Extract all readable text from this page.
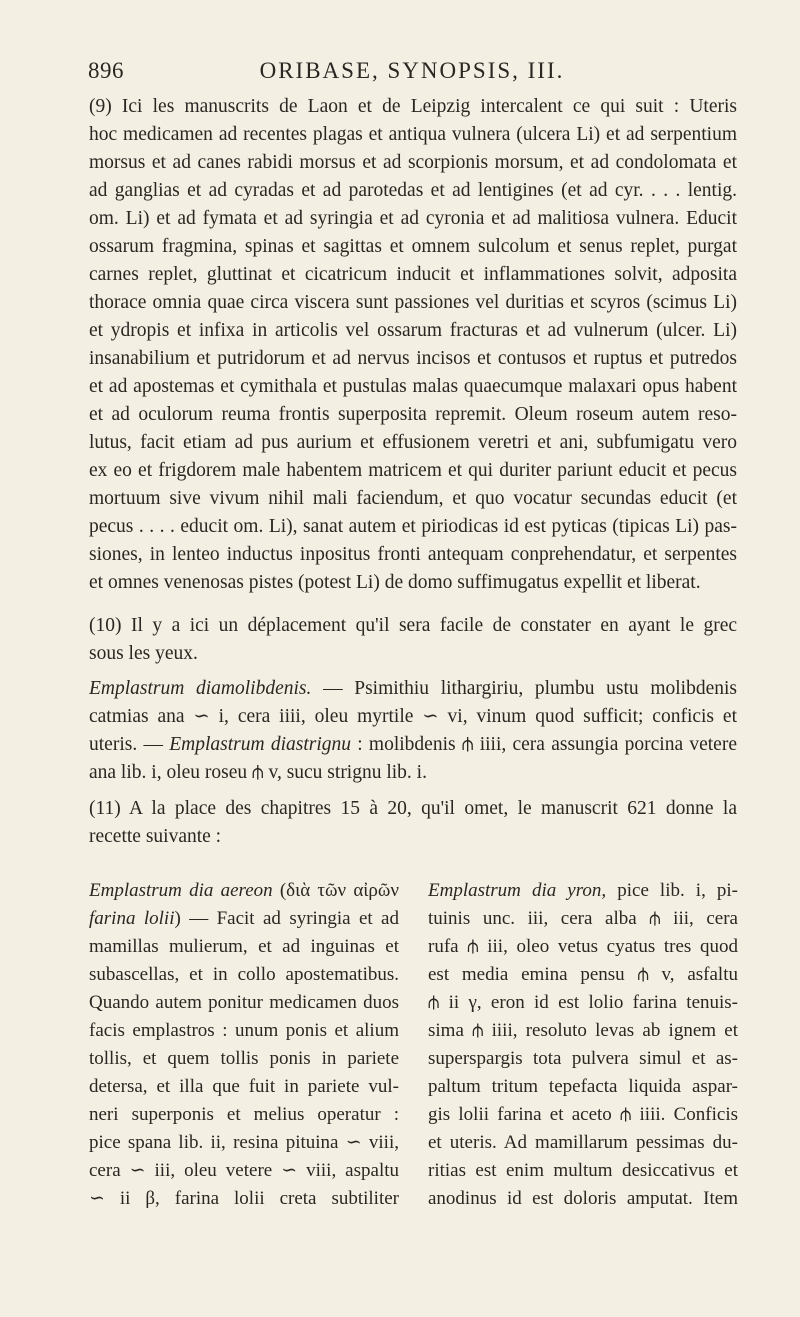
896	ORIBASE, SYNOPSIS, III.
(9) Ici les manuscrits de Laon et de Leipzig intercalent ce qui suit : Uteris
hoc medicamen ad recentes plagas et antiqua vulnera (ulcera Li) et ad serpentium
morsus et ad canes rabidi morsus et ad scorpionis morsum, et ad condolomata et
ad ganglias et ad cyradas et ad parotedas et ad lentigines (et ad cyr. . . . lentig.
om. Li) et ad fymata et ad syringia et ad cyronia et ad malitiosa vulnera. Educit
ossarum fragmina, spinas et sagittas et omnem sulcolum et senus replet, purgat
carnes replet, gluttinat et cicatricum inducit et inflammationes solvit, adposita
thorace omnia quae circa viscera sunt passiones vel duritias et scyros (scimus Li)
et ydropis et infixa in articolis vel ossarum fracturas et ad vulnerum (ulcer. Li)
insanabilium et putridorum et ad nervus incisos et contusos et ruptus et putredos
et ad apostemas et cymithala et pustulas malas quaecumque malaxari opus habent
et ad oculorum reuma frontis superposita repremit. Oleum roseum autem reso-
lutus, facit etiam ad pus aurium et effusionem veretri et ani, subfumigatu vero
ex eo et frigdorem male habentem matricem et qui duriter pariunt educit et pecus
mortuum sive vivum nihil mali faciendum, et quo vocatur secundas educit (et
pecus . . . . educit om. Li), sanat autem et piriodicas id est pyticas (tipicas Li) pas-
siones, in lenteo inductus inpositus fronti antequam conprehendatur, et serpentes
et omnes venenosas pistes (potest Li) de domo suffimugatus expellit et liberat.
(10) Il y a ici un déplacement qu'il sera facile de constater en ayant le grec
sous les yeux.
Emplastrum diamolibdenis. — Psimithiu lithargiriu, plumbu ustu molibdenis
catmias ana ∽ i, cera iiii, oleu myrtile ∽ vi, vinum quod sufficit; conficis et
uteris. — Emplastrum diastrignu : molibdenis ⫛ iiii, cera assungia porcina vetere
ana lib. i, oleu roseu ⫛ v, sucu strignu lib. i.
(11) A la place des chapitres 15 à 20, qu'il omet, le manuscrit 621 donne la
recette suivante :
Emplastrum dia aereon (διὰ τῶν αἰρῶν
farina lolii) — Facit ad syringia et ad
mamillas mulierum, et ad inguinas et
subascellas, et in collo apostematibus.
Quando autem ponitur medicamen duos
facis emplastros : unum ponis et alium
tollis, et quem tollis ponis in pariete
detersa, et illa que fuit in pariete vul-
neri superponis et melius operatur :
pice spana lib. ii, resina pituina ∽ viii,
cera ∽ iii, oleu vetere ∽ viii, aspaltu
∽ ii β, farina lolii creta subtiliter
Emplastrum dia yron, pice lib. i, pi-
tuinis unc. iii, cera alba ⫛ iii, cera
rufa ⫛ iii, oleo vetus cyatus tres quod
est media emina pensu ⫛ v, asfaltu
⫛ ii γ, eron id est lolio farina tenuis-
sima ⫛ iiii, resoluto levas ab ignem et
superspargis tota pulvera simul et as-
paltum tritum tepefacta liquida aspar-
gis lolii farina et aceto ⫛ iiii. Conficis
et uteris. Ad mamillarum pessimas du-
ritias est enim multum desiccativus et
anodinus id est doloris amputat. Item
